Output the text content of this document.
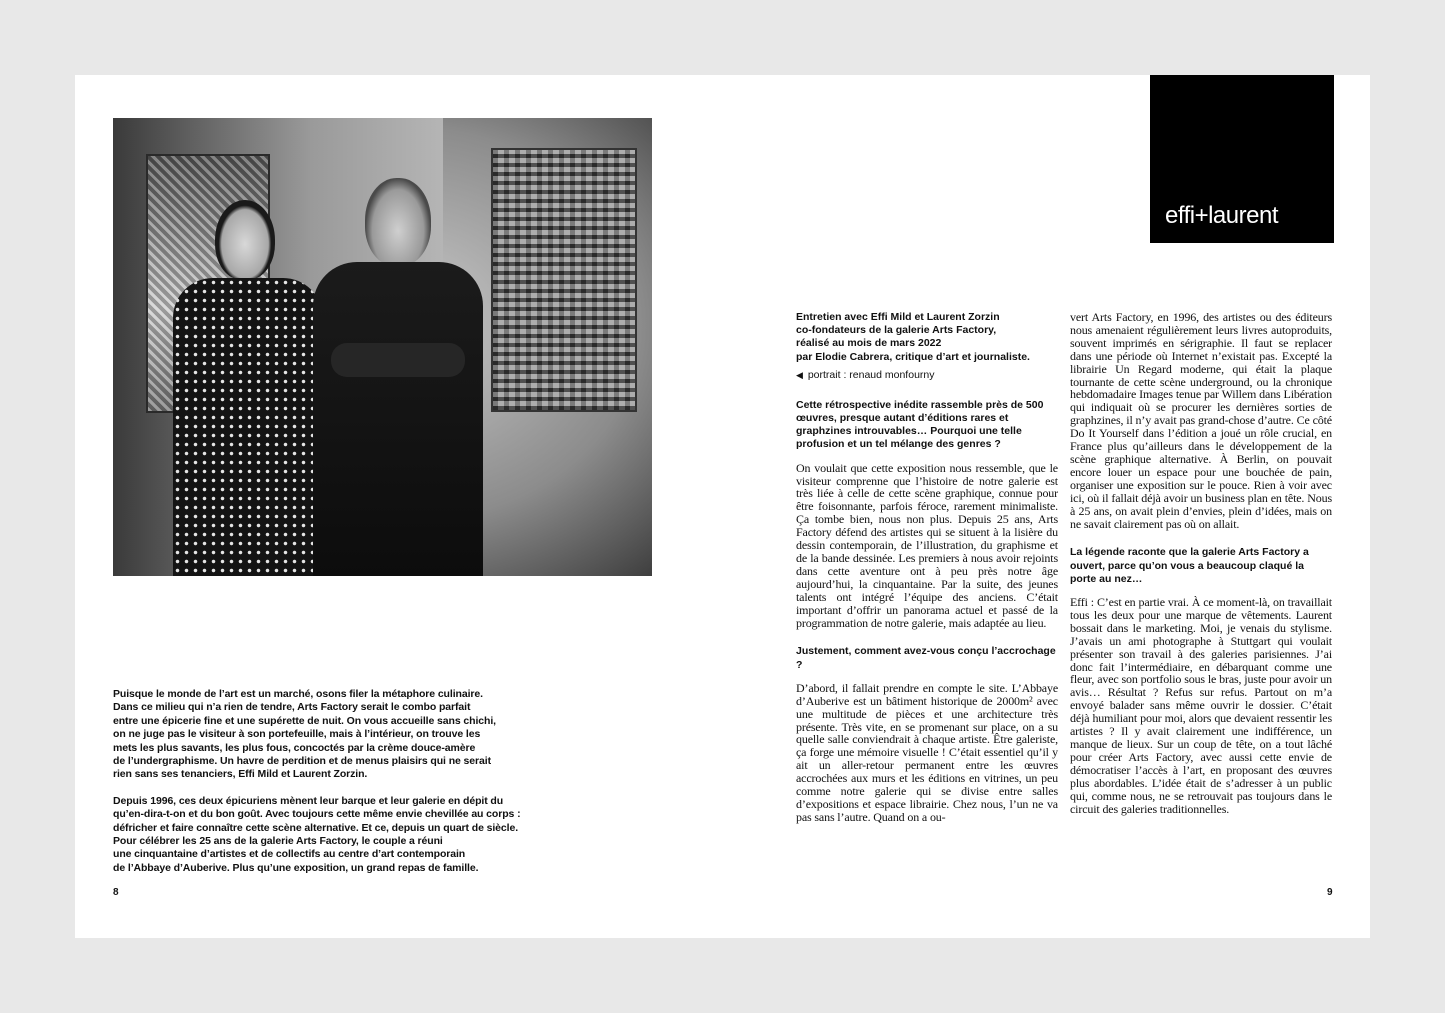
Puisque le monde de l’art est un marché, osons filer la métaphore culinaire.
Dans ce milieu qui n’a rien de tendre, Arts Factory serait le combo parfait
entre une épicerie fine et une supérette de nuit. On vous accueille sans chichi,
on ne juge pas le visiteur à son portefeuille, mais à l’intérieur, on trouve les
mets les plus savants, les plus fous, concoctés par la crème douce-amère
de l’undergraphisme. Un havre de perdition et de menus plaisirs qui ne serait
rien sans ses tenanciers, Effi Mild et Laurent Zorzin.

Depuis 1996, ces deux épicuriens mènent leur barque et leur galerie en dépit du
qu’en-dira-t-on et du bon goût. Avec toujours cette même envie chevillée au corps :
défricher et faire connaître cette scène alternative. Et ce, depuis un quart de siècle.
Pour célébrer les 25 ans de la galerie Arts Factory, le couple a réuni
une cinquantaine d’artistes et de collectifs au centre d’art contemporain
de l’Abbaye d’Auberive. Plus qu’une exposition, un grand repas de famille.

8
effi+laurent

Entretien avec Effi Mild et Laurent Zorzin
co-fondateurs de la galerie Arts Factory,
réalisé au mois de mars 2022
par Elodie Cabrera, critique d’art et journaliste.

◀ portrait : renaud monfourny

Cette rétrospective inédite rassemble près de 500 œuvres, presque autant d’éditions rares et graphzines introuvables… Pourquoi une telle profusion et un tel mélange des genres ?

On voulait que cette exposition nous ressemble, que le visiteur comprenne que l’histoire de notre galerie est très liée à celle de cette scène graphique, connue pour être foisonnante, parfois féroce, rarement minimaliste. Ça tombe bien, nous non plus. Depuis 25 ans, Arts Factory défend des artistes qui se situent à la lisière du dessin contemporain, de l’illustration, du graphisme et de la bande dessinée. Les premiers à nous avoir rejoints dans cette aventure ont à peu près notre âge aujourd’hui, la cinquantaine. Par la suite, des jeunes talents ont intégré l’équipe des anciens. C’était important d’offrir un panorama actuel et passé de la programmation de notre galerie, mais adaptée au lieu.

Justement, comment avez-vous conçu l’accrochage ?

D’abord, il fallait prendre en compte le site. L’Abbaye d’Auberive est un bâtiment historique de 2000m² avec une multitude de pièces et une architecture très présente. Très vite, en se promenant sur place, on a su quelle salle conviendrait à chaque artiste. Être galeriste, ça forge une mémoire visuelle ! C’était essentiel qu’il y ait un aller-retour permanent entre les œuvres accrochées aux murs et les éditions en vitrines, un peu comme notre galerie qui se divise entre salles d’expositions et espace librairie. Chez nous, l’un ne va pas sans l’autre. Quand on a ou-

vert Arts Factory, en 1996, des artistes ou des éditeurs nous amenaient régulièrement leurs livres autoproduits, souvent imprimés en sérigraphie. Il faut se replacer dans une période où Internet n’existait pas. Excepté la librairie Un Regard moderne, qui était la plaque tournante de cette scène underground, ou la chronique hebdomadaire Images tenue par Willem dans Libération qui indiquait où se procurer les dernières sorties de graphzines, il n’y avait pas grand-chose d’autre. Ce côté Do It Yourself dans l’édition a joué un rôle crucial, en France plus qu’ailleurs dans le développement de la scène graphique alternative. À Berlin, on pouvait encore louer un espace pour une bouchée de pain, organiser une exposition sur le pouce. Rien à voir avec ici, où il fallait déjà avoir un business plan en tête. Nous à 25 ans, on avait plein d’envies, plein d’idées, mais on ne savait clairement pas où on allait.

La légende raconte que la galerie Arts Factory a ouvert, parce qu’on vous a beaucoup claqué la porte au nez…

Effi : C’est en partie vrai. À ce moment-là, on travaillait tous les deux pour une marque de vêtements. Laurent bossait dans le marketing. Moi, je venais du stylisme. J’avais un ami photographe à Stuttgart qui voulait présenter son travail à des galeries parisiennes. J’ai donc fait l’intermédiaire, en débarquant comme une fleur, avec son portfolio sous le bras, juste pour avoir un avis… Résultat ? Refus sur refus. Partout on m’a envoyé balader sans même ouvrir le dossier. C’était déjà humiliant pour moi, alors que devaient ressentir les artistes ? Il y avait clairement une indifférence, un manque de lieux. Sur un coup de tête, on a tout lâché pour créer Arts Factory, avec aussi cette envie de démocratiser l’accès à l’art, en proposant des œuvres plus abordables. L’idée était de s’adresser à un public qui, comme nous, ne se retrouvait pas toujours dans le circuit des galeries traditionnelles.

9
